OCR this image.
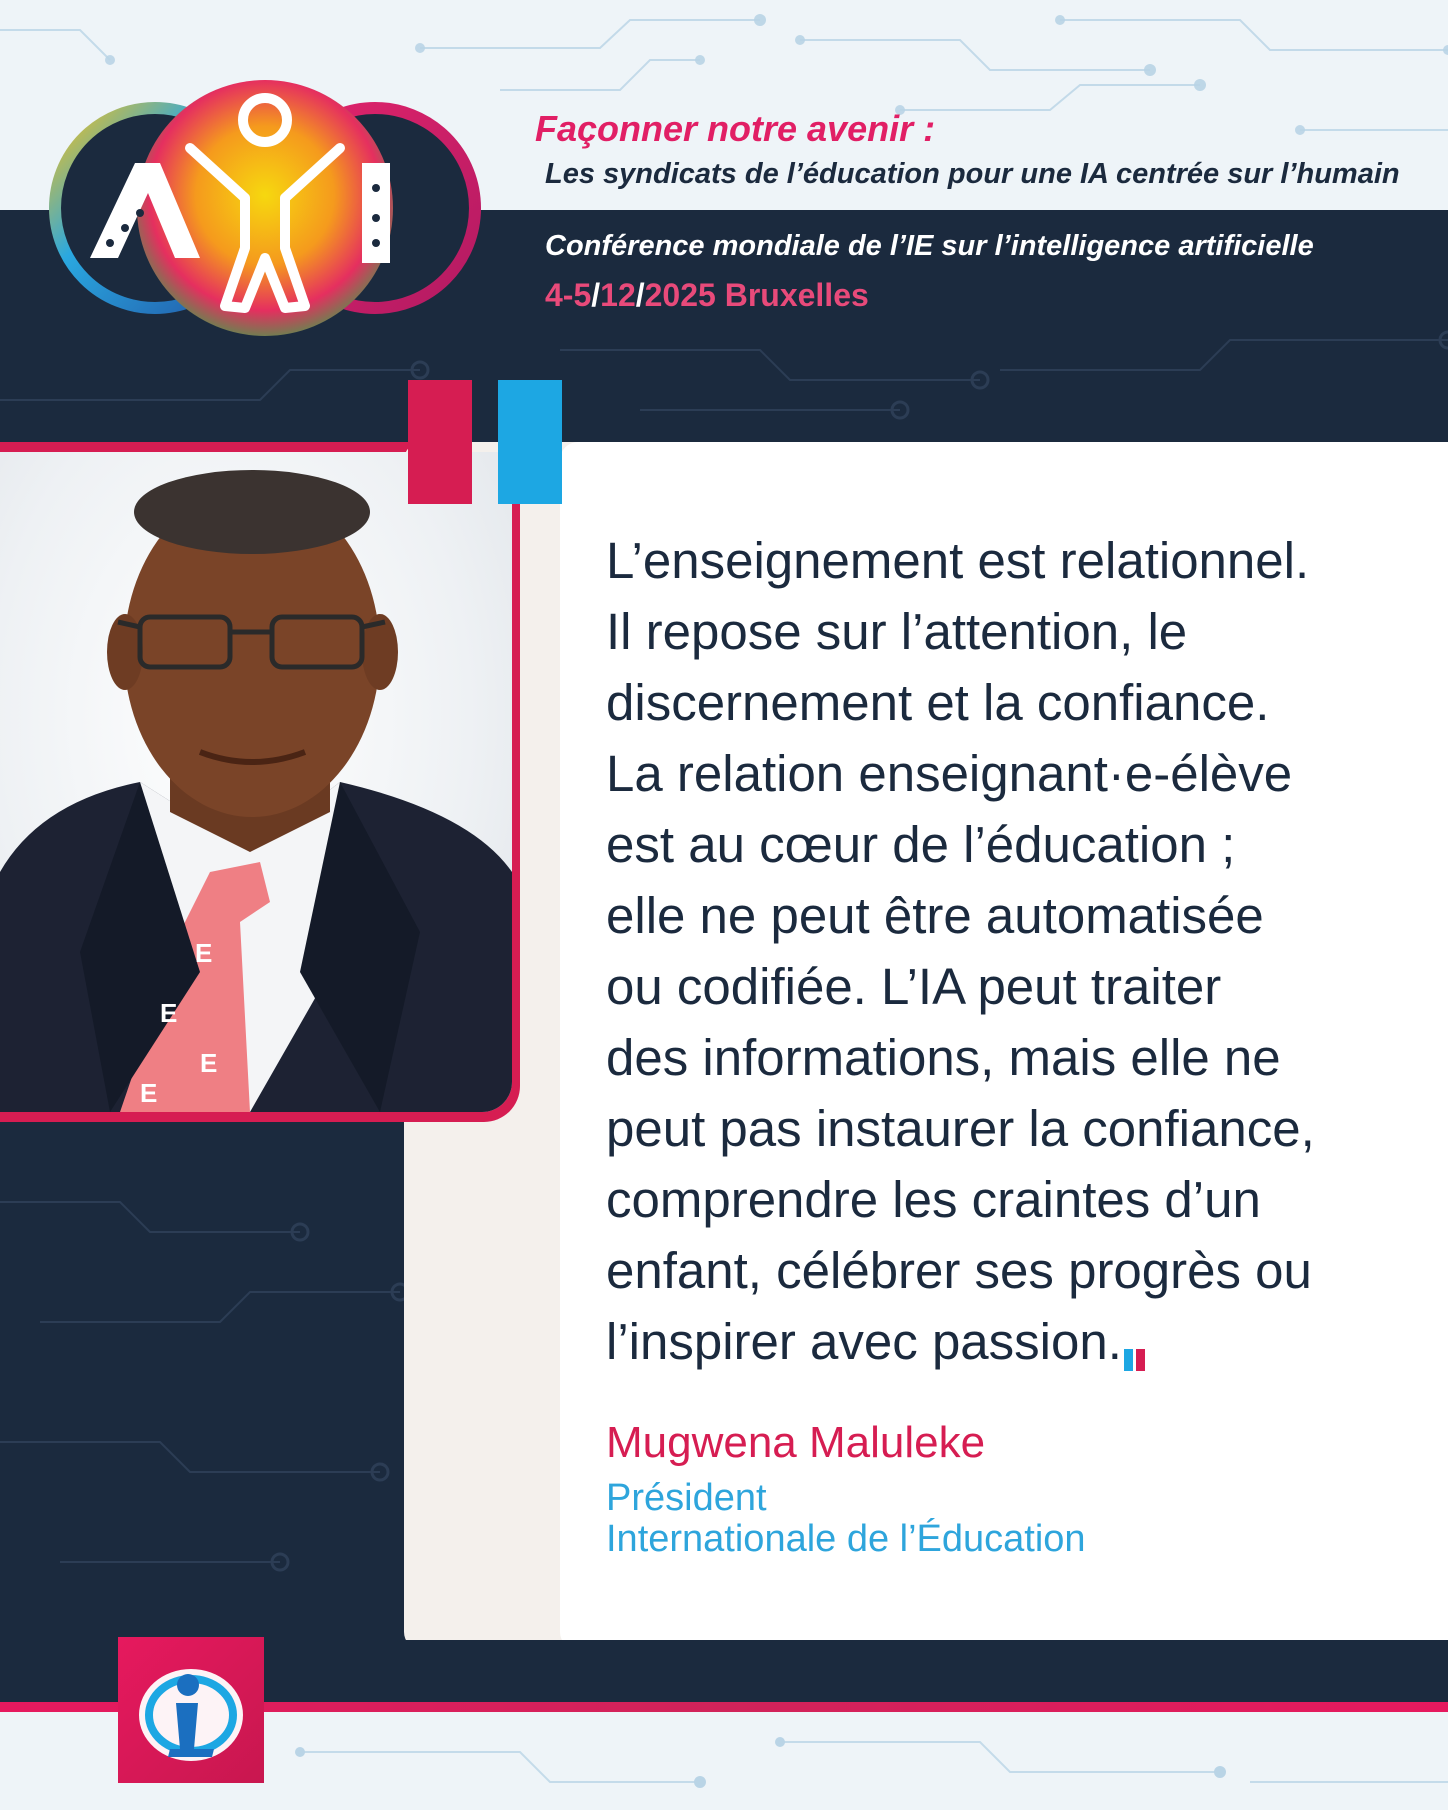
Façonner notre avenir :
Les syndicats de l’éducation pour une IA centrée sur l’humain
Conférence mondiale de l’IE sur l’intelligence artificielle
4-5/12/2025 Bruxelles
E
E
E
E
L’enseignement est relationnel.
Il repose sur l’attention, le
discernement et la confiance.
La relation enseignant·e-élève
est au cœur de l’éducation ;
elle ne peut être automatisée
ou codifiée. L’IA peut traiter
des informations, mais elle ne
peut pas instaurer la confiance,
comprendre les craintes d’un
enfant, célébrer ses progrès ou
l’inspirer avec passion.
Mugwena Maluleke
Président
Internationale de l’Éducation
